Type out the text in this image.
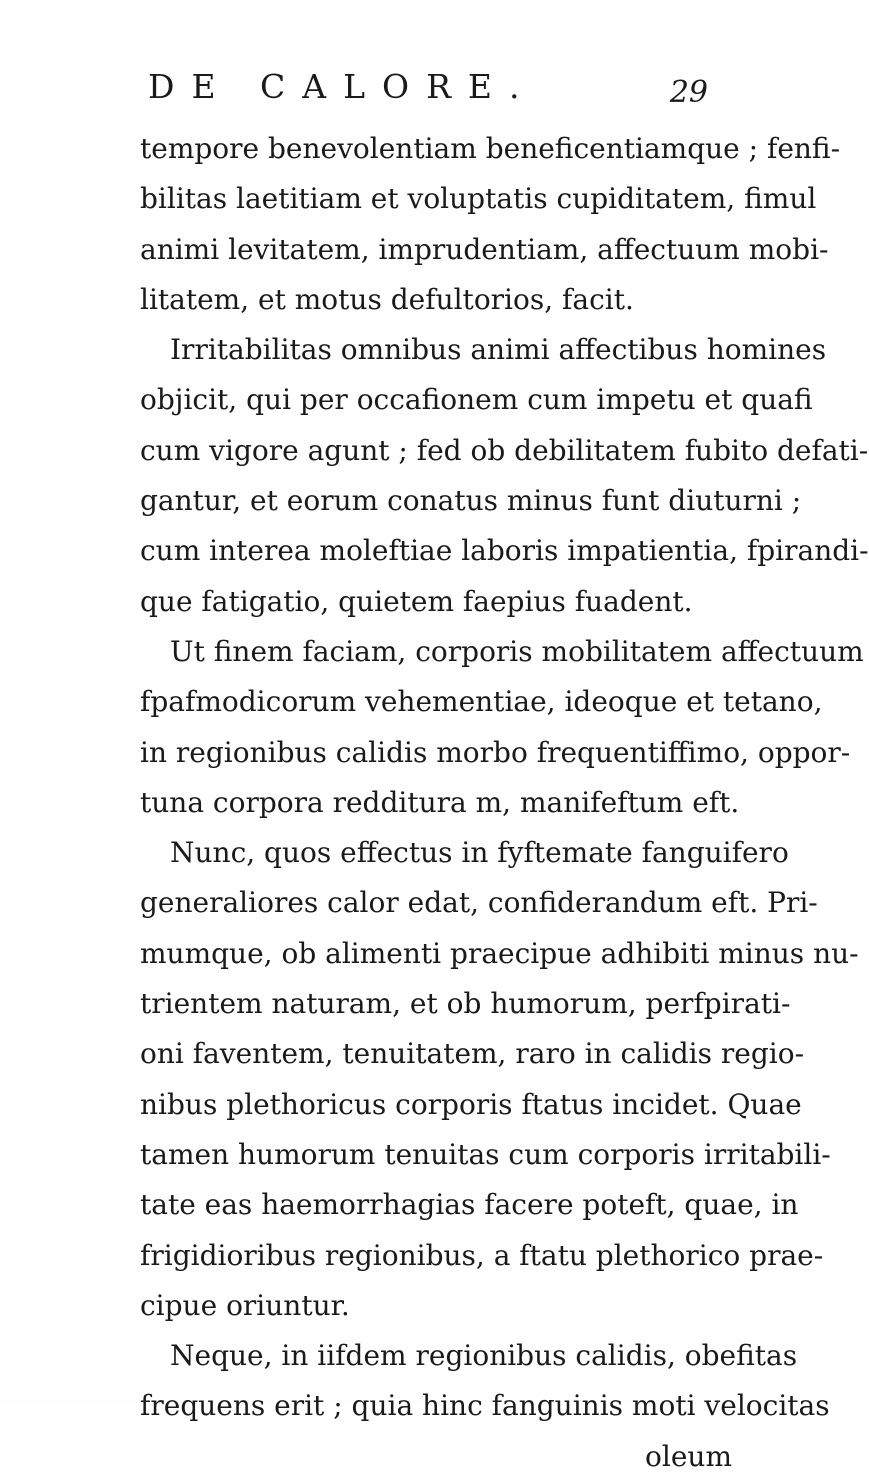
DE CALORE.	29
tempore benevolentiam beneficentiamque ; fenfi-
bilitas laetitiam et voluptatis cupiditatem, fimul
animi levitatem, imprudentiam, affectuum mobi-
litatem, et motus defultorios, facit.
Irritabilitas omnibus animi affectibus homines
objicit, qui per occafionem cum impetu et quafi
cum vigore agunt ; fed ob debilitatem fubito defati-
gantur, et eorum conatus minus funt diuturni ;
cum interea moleftiae laboris impatientia, fpirandi-
que fatigatio, quietem faepius fuadent.
Ut finem faciam, corporis mobilitatem affectuum
fpafmodicorum vehementiae, ideoque et tetano,
in regionibus calidis morbo frequentiffimo, oppor-
tuna corpora redditura m, manifeftum eft.
Nunc, quos effectus in fyftemate fanguifero
generaliores calor edat, confiderandum eft. Pri-
mumque, ob alimenti praecipue adhibiti minus nu-
trientem naturam, et ob humorum, perfpirati-
oni faventem, tenuitatem, raro in calidis regio-
nibus plethoricus corporis ftatus incidet. Quae
tamen humorum tenuitas cum corporis irritabili-
tate eas haemorrhagias facere poteft, quae, in
frigidioribus regionibus, a ftatu plethorico prae-
cipue oriuntur.
Neque, in iifdem regionibus calidis, obefitas
frequens erit ; quia hinc fanguinis moti velocitas
oleum
